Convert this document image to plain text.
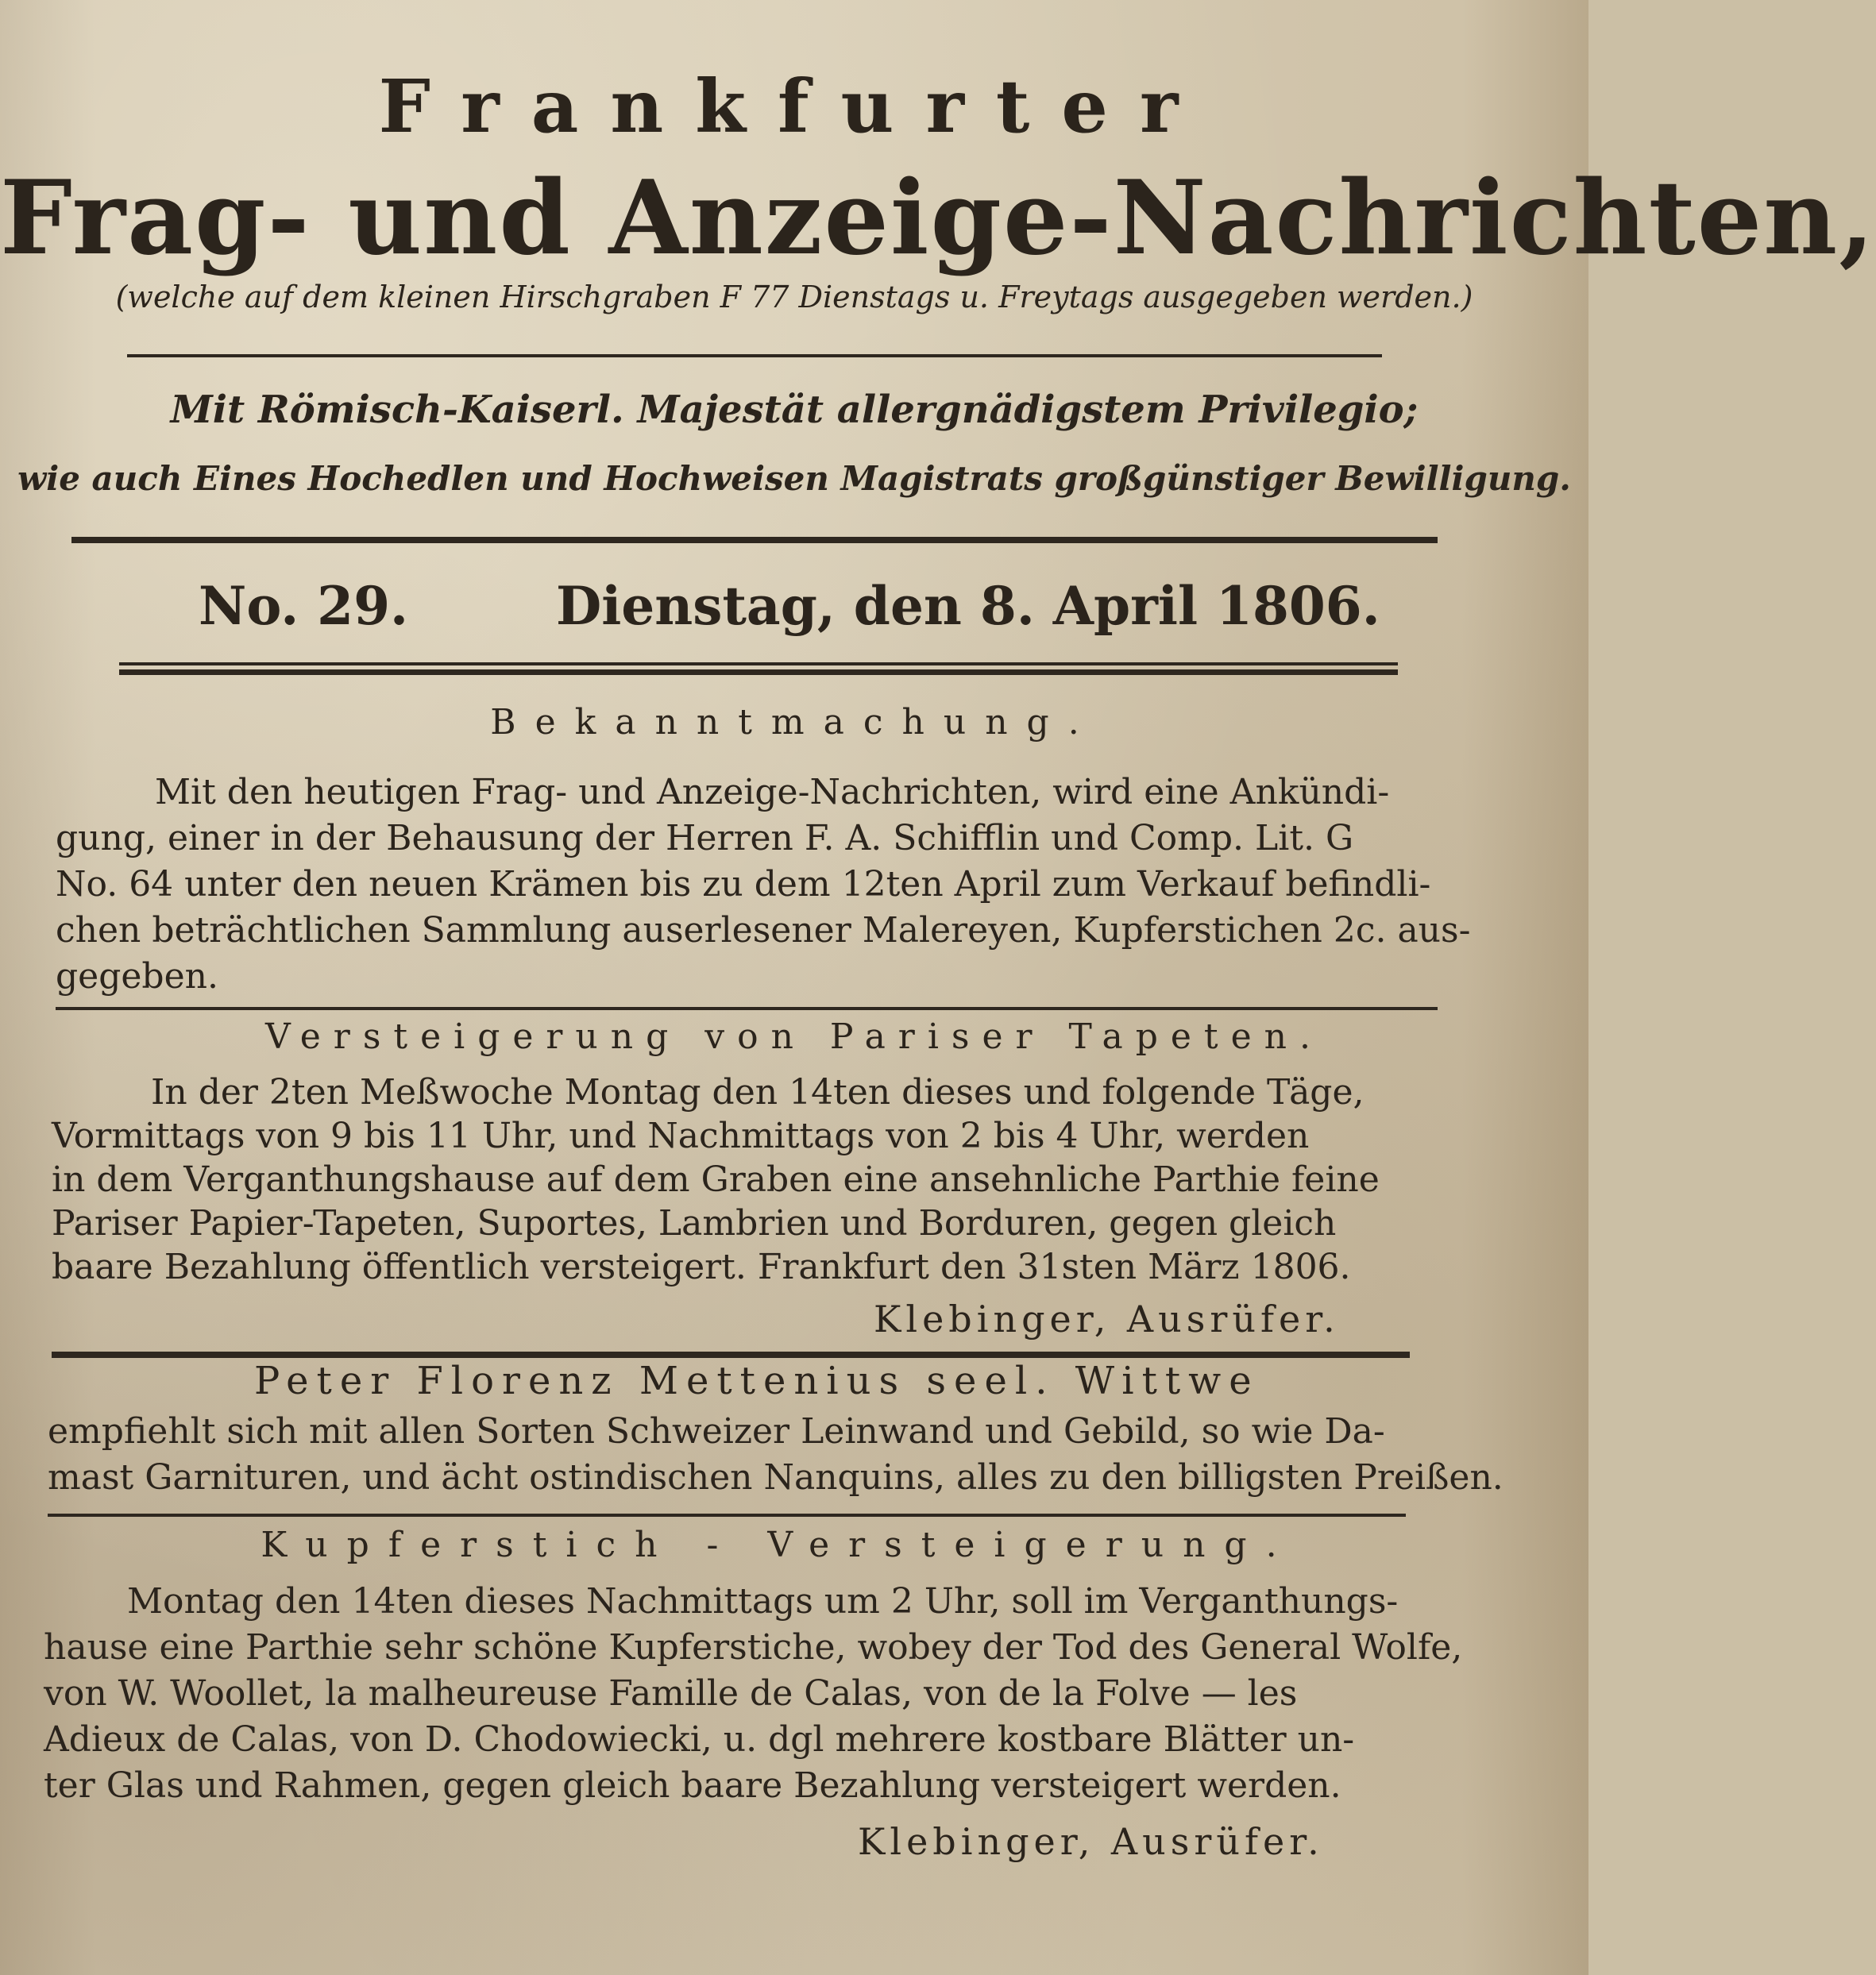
Frankfurter
Frag- und Anzeige-Nachrichten,
(welche auf dem kleinen Hirschgraben F 77 Dienstags u. Freytags ausgegeben werden.)
Mit Römisch-Kaiserl. Majestät allergnädigstem Privilegio;
wie auch Eines Hochedlen und Hochweisen Magistrats großgünstiger Bewilligung.
No. 29.	Dienstag, den 8. April 1806.
Bekanntmachung.
Mit den heutigen Frag- und Anzeige-Nachrichten, wird eine Ankündi-
gung, einer in der Behausung der Herren F. A. Schifflin und Comp. Lit. G
No. 64 unter den neuen Krämen bis zu dem 12ten April zum Verkauf befindli-
chen beträchtlichen Sammlung auserlesener Malereyen, Kupferstichen 2c. aus-
gegeben.
Versteigerung von Pariser Tapeten.
In der 2ten Meßwoche Montag den 14ten dieses und folgende Täge,
Vormittags von 9 bis 11 Uhr, und Nachmittags von 2 bis 4 Uhr, werden
in dem Verganthungshause auf dem Graben eine ansehnliche Parthie feine
Pariser Papier-Tapeten, Suportes, Lambrien und Borduren, gegen gleich
baare Bezahlung öffentlich versteigert. Frankfurt den 31sten März 1806.
Klebinger, Ausrüfer.
Peter Florenz Mettenius seel. Wittwe
empfiehlt sich mit allen Sorten Schweizer Leinwand und Gebild, so wie Da-
mast Garnituren, und ächt ostindischen Nanquins, alles zu den billigsten Preißen.
Kupferstich - Versteigerung.
Montag den 14ten dieses Nachmittags um 2 Uhr, soll im Verganthungs-
hause eine Parthie sehr schöne Kupferstiche, wobey der Tod des General Wolfe,
von W. Woollet, la malheureuse Famille de Calas, von de la Folve — les
Adieux de Calas, von D. Chodowiecki, u. dgl mehrere kostbare Blätter un-
ter Glas und Rahmen, gegen gleich baare Bezahlung versteigert werden.
Klebinger, Ausrüfer.
